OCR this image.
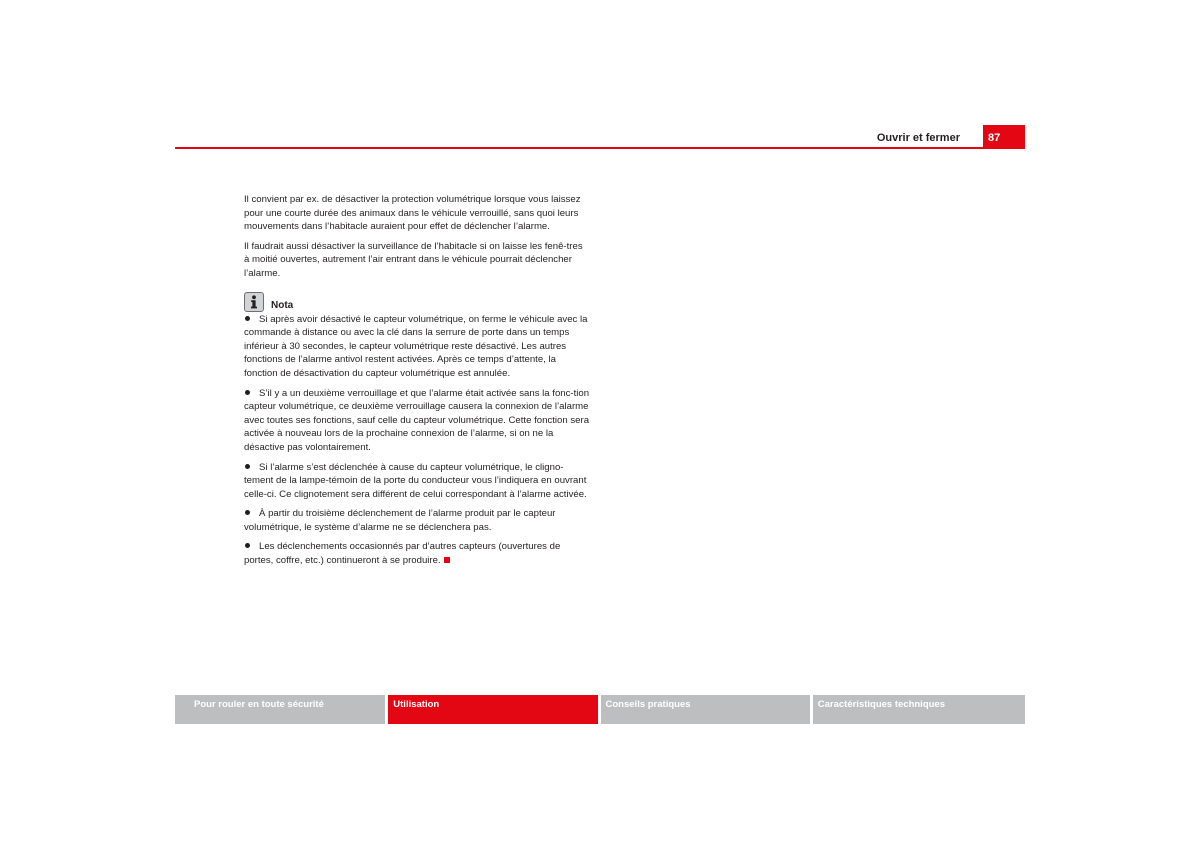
Ouvrir et fermer	87

Il convient par ex. de désactiver la protection volumétrique lorsque vous laissez pour une courte durée des animaux dans le véhicule verrouillé, sans quoi leurs mouvements dans l’habitacle auraient pour effet de déclencher l’alarme.

Il faudrait aussi désactiver la surveillance de l’habitacle si on laisse les fenê-tres à moitié ouvertes, autrement l’air entrant dans le véhicule pourrait déclencher l’alarme.

Nota

Si après avoir désactivé le capteur volumétrique, on ferme le véhicule avec la commande à distance ou avec la clé dans la serrure de porte dans un temps inférieur à 30 secondes, le capteur volumétrique reste désactivé. Les autres fonctions de l’alarme antivol restent activées. Après ce temps d’attente, la fonction de désactivation du capteur volumétrique est annulée.

S’il y a un deuxième verrouillage et que l’alarme était activée sans la fonc-tion capteur volumétrique, ce deuxième verrouillage causera la connexion de l’alarme avec toutes ses fonctions, sauf celle du capteur volumétrique. Cette fonction sera activée à nouveau lors de la prochaine connexion de l’alarme, si on ne la désactive pas volontairement.

Si l’alarme s’est déclenchée à cause du capteur volumétrique, le cligno-tement de la lampe-témoin de la porte du conducteur vous l’indiquera en ouvrant celle-ci. Ce clignotement sera différent de celui correspondant à l’alarme activée.

À partir du troisième déclenchement de l’alarme produit par le capteur volumétrique, le système d’alarme ne se déclenchera pas.

Les déclenchements occasionnés par d’autres capteurs (ouvertures de portes, coffre, etc.) continueront à se produire.

Pour rouler en toute sécurité	Utilisation	Conseils pratiques	Caractéristiques techniques
